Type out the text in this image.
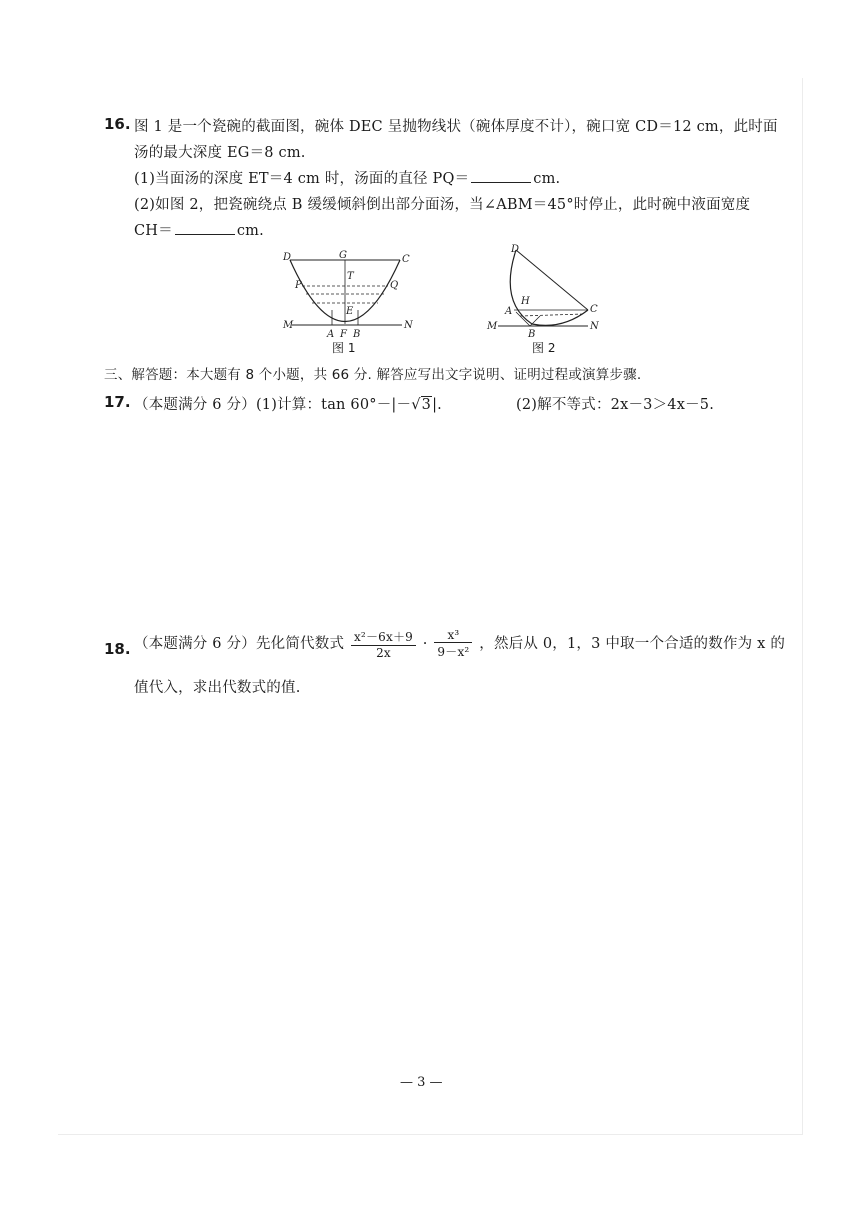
16. 图 1 是一个瓷碗的截面图，碗体 DEC 呈抛物线状（碗体厚度不计），碗口宽 CD＝12 cm，此时面
汤的最大深度 EG＝8 cm.
(1)当面汤的深度 ET＝4 cm 时，汤面的直径 PQ＝	cm.
(2)如图 2，把瓷碗绕点 B 缓缓倾斜倒出部分面汤，当∠ABM＝45°时停止，此时碗中液面宽度
CH＝	cm.
D	G	C
T
P	Q
E
M	N
A F B
图 1
D
H
A	C
M
B
N
图 2
三、解答题：本大题有 8 个小题，共 66 分. 解答应写出文字说明、证明过程或演算步骤.
17. （本题满分 6 分）(1)计算：tan 60°－|－√3|.	(2)解不等式：2x－3＞4x－5.
18. （本题满分 6 分）先化简代数式 $\frac{\text{x²－6x＋9}}{2x} \cdot \frac{\text{x³}}{\text{9－x²}}$ ，然后从 0，1，3 中取一个合适的数作为 x 的
值代入，求出代数式的值.
— 3 —
